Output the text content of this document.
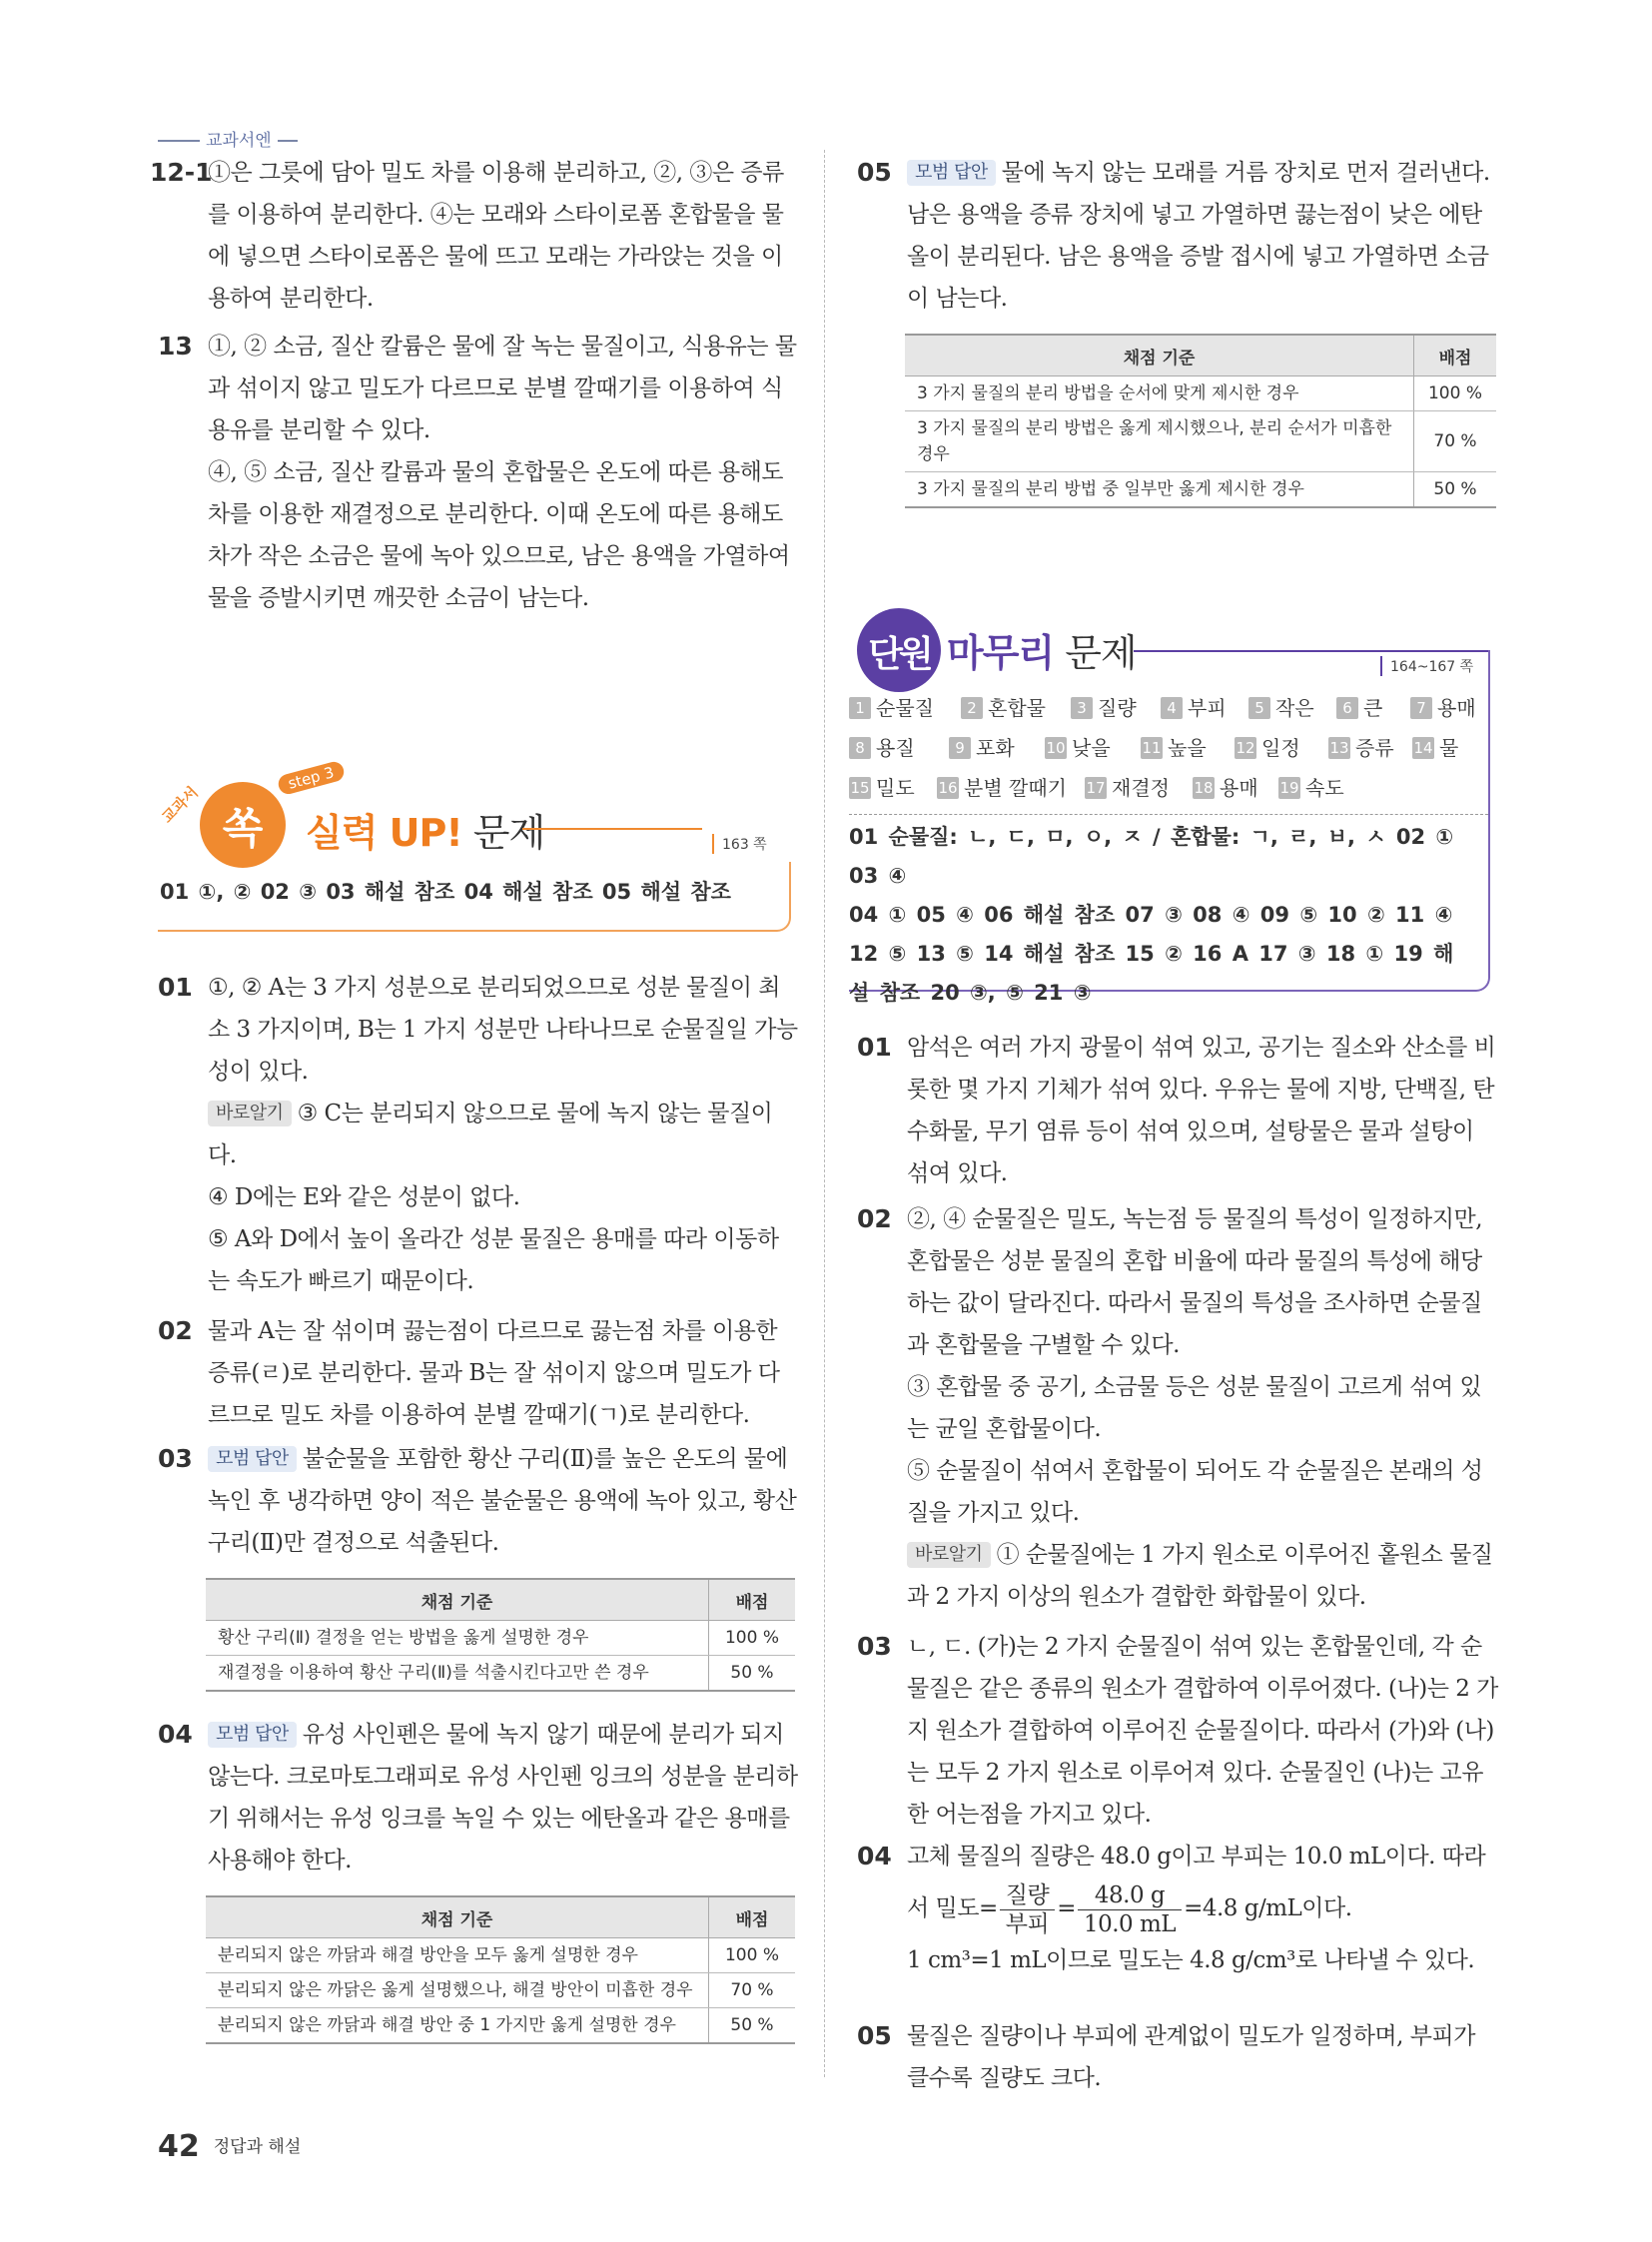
교과서엔
12-1

①은 그릇에 담아 밀도 차를 이용해 분리하고, ②, ③은 증류를 이용하여 분리한다. ④는 모래와 스타이로폼 혼합물을 물에 넣으면 스타이로폼은 물에 뜨고 모래는 가라앉는 것을 이용하여 분리한다.

13 ①, ② 소금, 질산 칼륨은 물에 잘 녹는 물질이고, 식용유는 물과 섞이지 않고 밀도가 다르므로 분별 깔때기를 이용하여 식용유를 분리할 수 있다.

④, ⑤ 소금, 질산 칼륨과 물의 혼합물은 온도에 따른 용해도 차를 이용한 재결정으로 분리한다. 이때 온도에 따른 용해도 차가 작은 소금은 물에 녹아 있으므로, 남은 용액을 가열하여 물을 증발시키면 깨끗한 소금이 남는다.

교과서 쏙
step 3
실력 UP! 문제	163 쪽
01 ①, ② 02 ③ 03 해설 참조 04 해설 참조 05 해설 참조
01 ①, ② A는 3 가지 성분으로 분리되었으므로 성분 물질이 최소 3 가지이며, B는 1 가지 성분만 나타나므로 순물질일 가능성이 있다.

바로알기 ③ C는 분리되지 않으므로 물에 녹지 않는 물질이다.

④ D에는 E와 같은 성분이 없다.

⑤ A와 D에서 높이 올라간 성분 물질은 용매를 따라 이동하는 속도가 빠르기 때문이다.

02 물과 A는 잘 섞이며 끓는점이 다르므로 끓는점 차를 이용한 증류(ㄹ)로 분리한다. 물과 B는 잘 섞이지 않으며 밀도가 다르므로 밀도 차를 이용하여 분별 깔때기(ㄱ)로 분리한다.

03	모범 답안 불순물을 포함한 황산 구리(Ⅱ)를 높은 온도의 물에 녹인 후 냉각하면 양이 적은 불순물은 용액에 녹아 있고, 황산 구리(Ⅱ)만 결정으로 석출된다.

채점 기준	배점
황산 구리(Ⅱ) 결정을 얻는 방법을 옳게 설명한 경우	100 %
재결정을 이용하여 황산 구리(Ⅱ)를 석출시킨다고만 쓴 경우	50 %
04	모범 답안 유성 사인펜은 물에 녹지 않기 때문에 분리가 되지 않는다. 크로마토그래피로 유성 사인펜 잉크의 성분을 분리하기 위해서는 유성 잉크를 녹일 수 있는 에탄올과 같은 용매를 사용해야 한다.

채점 기준	배점
분리되지 않은 까닭과 해결 방안을 모두 옳게 설명한 경우	100 %
분리되지 않은 까닭은 옳게 설명했으나, 해결 방안이 미흡한 경우	70 %
분리되지 않은 까닭과 해결 방안 중 1 가지만 옳게 설명한 경우	50 %
05	모범 답안 물에 녹지 않는 모래를 거름 장치로 먼저 걸러낸다. 남은 용액을 증류 장치에 넣고 가열하면 끓는점이 낮은 에탄올이 분리된다. 남은 용액을 증발 접시에 넣고 가열하면 소금이 남는다.

채점 기준	배점
3 가지 물질의 분리 방법을 순서에 맞게 제시한 경우	100 %
3 가지 물질의 분리 방법은 옳게 제시했으나, 분리 순서가 미흡한 경우	70 %
3 가지 물질의 분리 방법 중 일부만 옳게 제시한 경우	50 %
단원 마무리 문제	164~167 쪽
1 순물질	2 혼합물	3 질량	4 부피	5 작은	6 큰	7 용매
8 용질	9 포화 10 낮을 11 높을 12 일정 13 증류 14 물
15 밀도 16 분별 깔때기 17 재결정 18 용매 19 속도
01 순물질: ㄴ, ㄷ, ㅁ, ㅇ, ㅈ / 혼합물: ㄱ, ㄹ, ㅂ, ㅅ 02 ① 03 ④
04 ① 05 ④ 06 해설 참조 07 ③ 08 ④ 09 ⑤ 10 ② 11 ④
12 ⑤ 13 ⑤ 14 해설 참조 15 ② 16 A 17 ③ 18 ① 19 해
설 참조 20 ③, ⑤ 21 ③
01 암석은 여러 가지 광물이 섞여 있고, 공기는 질소와 산소를 비롯한 몇 가지 기체가 섞여 있다. 우유는 물에 지방, 단백질, 탄수화물, 무기 염류 등이 섞여 있으며, 설탕물은 물과 설탕이 섞여 있다.

02 ②, ④ 순물질은 밀도, 녹는점 등 물질의 특성이 일정하지만, 혼합물은 성분 물질의 혼합 비율에 따라 물질의 특성에 해당하는 값이 달라진다. 따라서 물질의 특성을 조사하면 순물질과 혼합물을 구별할 수 있다.

③ 혼합물 중 공기, 소금물 등은 성분 물질이 고르게 섞여 있는 균일 혼합물이다.

⑤ 순물질이 섞여서 혼합물이 되어도 각 순물질은 본래의 성질을 가지고 있다.

바로알기 ① 순물질에는 1 가지 원소로 이루어진 홑원소 물질과 2 가지 이상의 원소가 결합한 화합물이 있다.

03 ㄴ, ㄷ. (가)는 2 가지 순물질이 섞여 있는 혼합물인데, 각 순물질은 같은 종류의 원소가 결합하여 이루어졌다. (나)는 2 가지 원소가 결합하여 이루어진 순물질이다. 따라서 (가)와 (나)는 모두 2 가지 원소로 이루어져 있다. 순물질인 (나)는 고유한 어는점을 가지고 있다.

04 고체 물질의 질량은 48.0 g이고 부피는 10.0 mL이다. 따라

서 밀도= $\frac{\text{질량}}{\text{부피}} = \frac{48.0 g}{10.0 mL} =4.8$ g/mL이다.

1 cm³=1 mL이므로 밀도는 4.8 g/cm³로 나타낼 수 있다.

05 물질은 질량이나 부피에 관계없이 밀도가 일정하며, 부피가 클수록 질량도 크다.

42 정답과 해설
